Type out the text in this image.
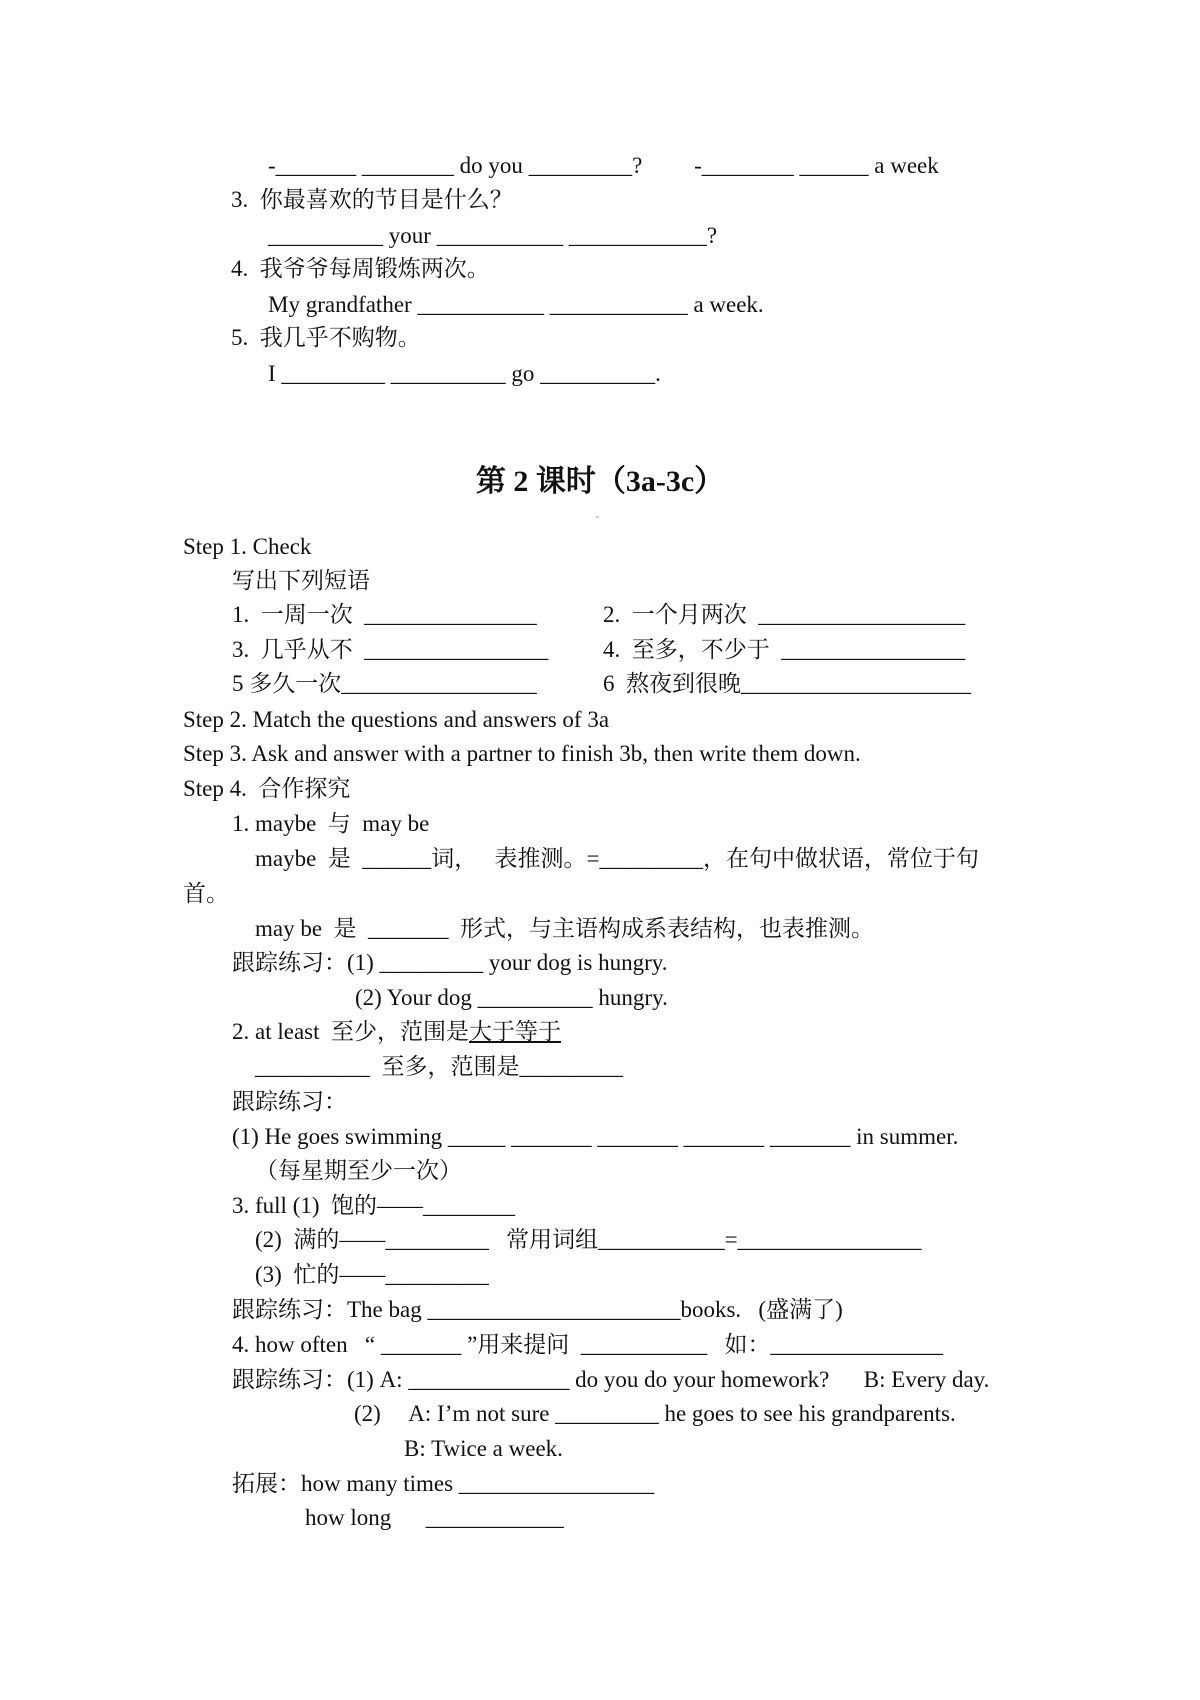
-_______ ________ do you _________?         -________ ______ a week
3.  你最喜欢的节目是什么？
__________ your ___________ ____________?
4.  我爷爷每周锻炼两次。
My grandfather ___________ ____________ a week.
5.  我几乎不购物。
I _________ __________ go __________.
第 2 课时（3a-3c）
Step 1. Check
写出下列短语
1.  一周一次  _______________	2.  一个月两次  __________________
3.  几乎从不  ________________ 4.  至多，不少于  ________________
5 多久一次_________________	6  熬夜到很晚____________________
Step 2. Match the questions and answers of 3a
Step 3. Ask and answer with a partner to finish 3b, then write them down.
Step 4.  合作探究
1. maybe  与  may be
maybe  是  ______词，   表推测。=_________，在句中做状语，常位于句
首。
may be  是  _______  形式，与主语构成系表结构，也表推测。
跟踪练习：(1) _________ your dog is hungry.
(2) Your dog __________ hungry.
2. at least  至少，范围是大于等于
__________  至多，范围是_________
跟踪练习：
(1) He goes swimming _____ _______ _______ _______ _______ in summer.
（每星期至少一次）
3. full (1)  饱的——________
(2)  满的——_________   常用词组___________=________________
(3)  忙的——_________
跟踪练习：The bag ______________________books.   (盛满了)
4. how often   “ _______ ”用来提问  ___________   如：_______________
跟踪练习：(1) A: ______________ do you do your homework?      B: Every day.
(2)     A: I’m not sure _________ he goes to see his grandparents.
B: Twice a week.
拓展：how many times _________________
how long      ____________
